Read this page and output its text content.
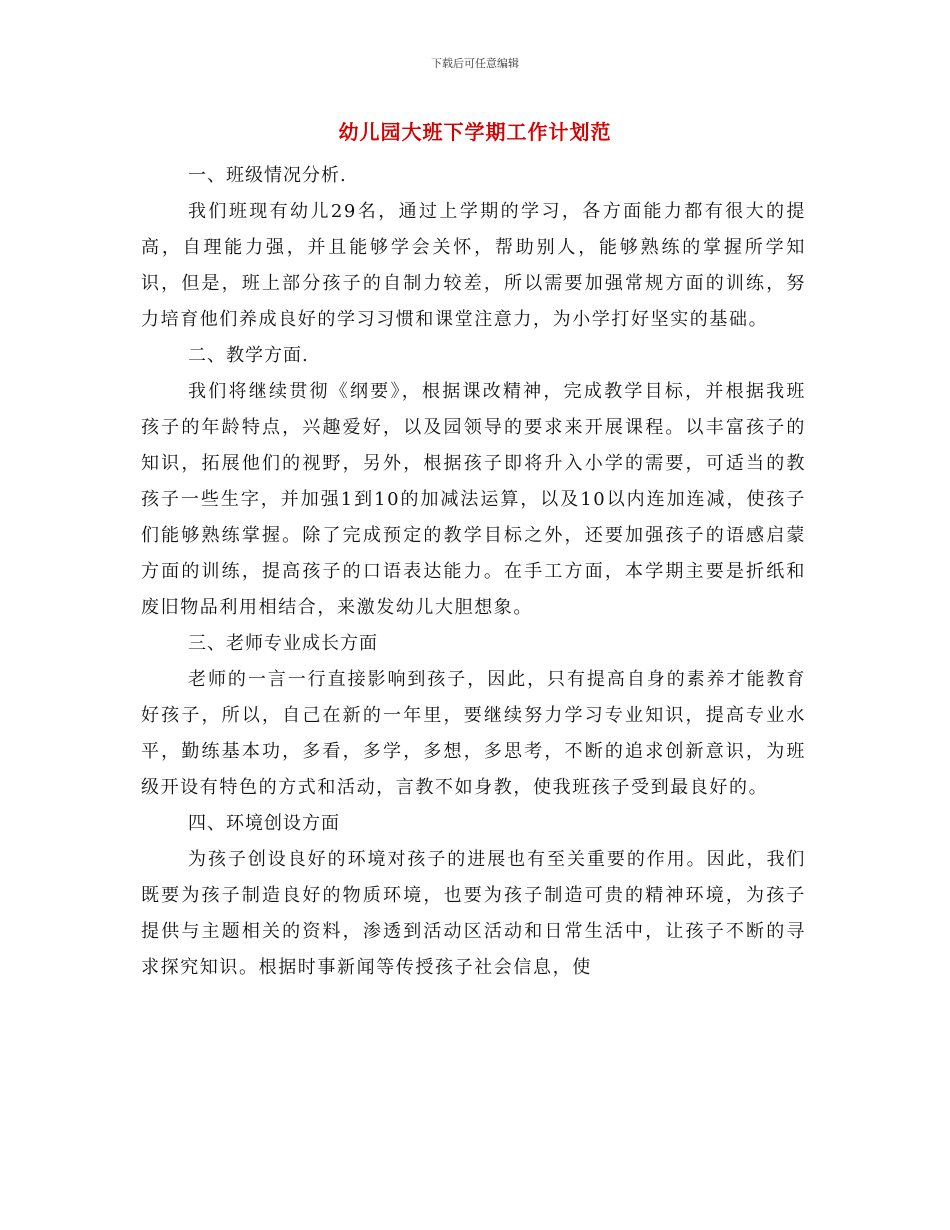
下载后可任意编辑
幼儿园大班下学期工作计划范

一、班级情况分析.

我们班现有幼儿29名，通过上学期的学习，各方面能力都有很大的提高，自理能力强，并且能够学会关怀，帮助别人，能够熟练的掌握所学知识，但是，班上部分孩子的自制力较差，所以需要加强常规方面的训练，努力培育他们养成良好的学习习惯和课堂注意力，为小学打好坚实的基础。

二、教学方面.

我们将继续贯彻《纲要》，根据课改精神，完成教学目标，并根据我班孩子的年龄特点，兴趣爱好，以及园领导的要求来开展课程。以丰富孩子的知识，拓展他们的视野，另外，根据孩子即将升入小学的需要，可适当的教孩子一些生字，并加强1到10的加减法运算，以及10以内连加连减，使孩子们能够熟练掌握。除了完成预定的教学目标之外，还要加强孩子的语感启蒙方面的训练，提高孩子的口语表达能力。在手工方面，本学期主要是折纸和废旧物品利用相结合，来激发幼儿大胆想象。

三、老师专业成长方面

老师的一言一行直接影响到孩子，因此，只有提高自身的素养才能教育好孩子，所以，自己在新的一年里，要继续努力学习专业知识，提高专业水平，勤练基本功，多看，多学，多想，多思考，不断的追求创新意识，为班级开设有特色的方式和活动，言教不如身教，使我班孩子受到最良好的。

四、环境创设方面

为孩子创设良好的环境对孩子的进展也有至关重要的作用。因此，我们既要为孩子制造良好的物质环境，也要为孩子制造可贵的精神环境，为孩子提供与主题相关的资料，渗透到活动区活动和日常生活中，让孩子不断的寻求探究知识。根据时事新闻等传授孩子社会信息，使
